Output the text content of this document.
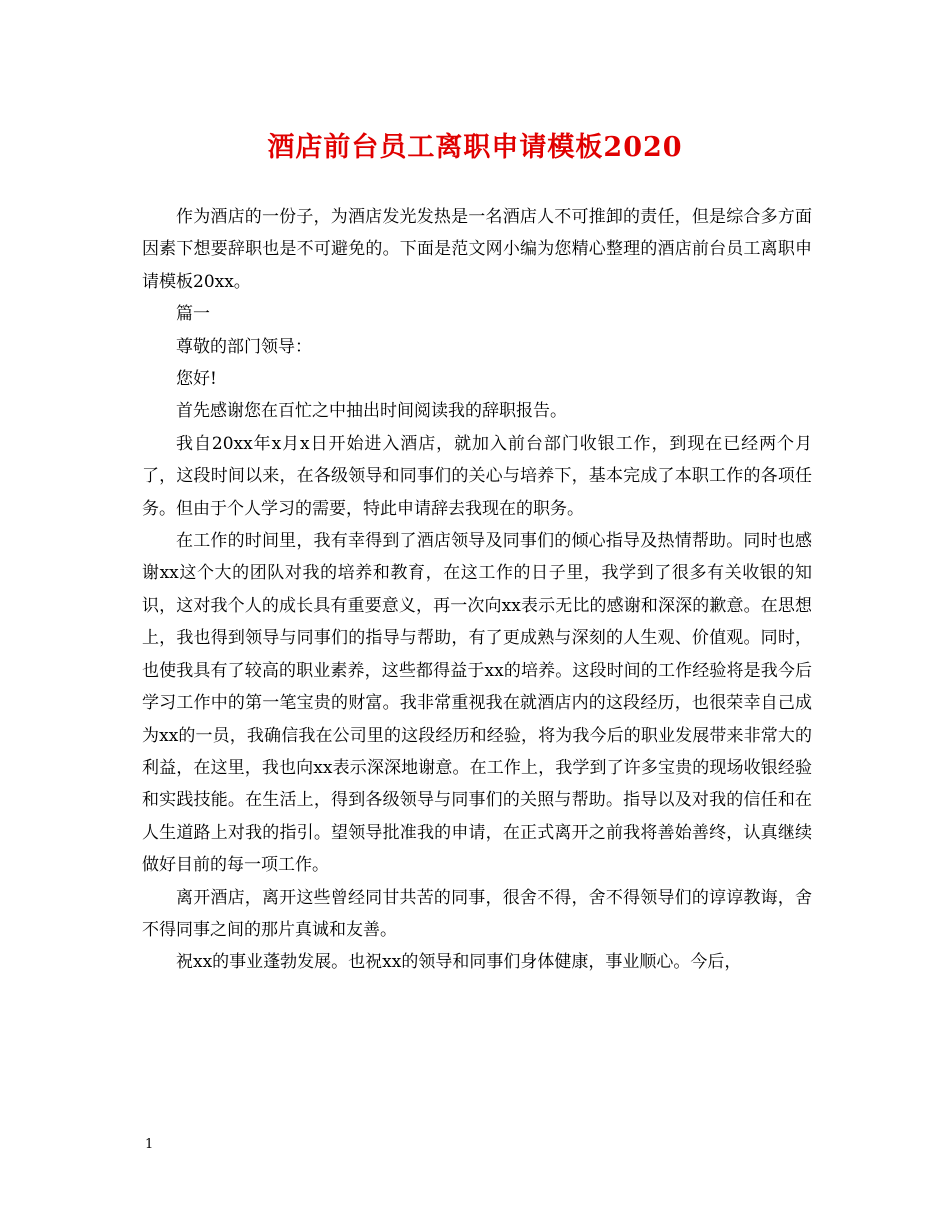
酒店前台员工离职申请模板2020

作为酒店的一份子，为酒店发光发热是一名酒店人不可推卸的责任，但是综合多方面因素下想要辞职也是不可避免的。下面是范文网小编为您精心整理的酒店前台员工离职申请模板20xx。

篇一

尊敬的部门领导：

您好!

首先感谢您在百忙之中抽出时间阅读我的辞职报告。

我自20xx年x月x日开始进入酒店，就加入前台部门收银工作，到现在已经两个月了，这段时间以来，在各级领导和同事们的关心与培养下，基本完成了本职工作的各项任务。但由于个人学习的需要，特此申请辞去我现在的职务。

在工作的时间里，我有幸得到了酒店领导及同事们的倾心指导及热情帮助。同时也感谢xx这个大的团队对我的培养和教育，在这工作的日子里，我学到了很多有关收银的知识，这对我个人的成长具有重要意义，再一次向xx表示无比的感谢和深深的歉意。在思想上，我也得到领导与同事们的指导与帮助，有了更成熟与深刻的人生观、价值观。同时，也使我具有了较高的职业素养，这些都得益于xx的培养。这段时间的工作经验将是我今后学习工作中的第一笔宝贵的财富。我非常重视我在就酒店内的这段经历，也很荣幸自己成为xx的一员，我确信我在公司里的这段经历和经验，将为我今后的职业发展带来非常大的利益，在这里，我也向xx表示深深地谢意。在工作上，我学到了许多宝贵的现场收银经验和实践技能。在生活上，得到各级领导与同事们的关照与帮助。指导以及对我的信任和在人生道路上对我的指引。望领导批准我的申请，在正式离开之前我将善始善终，认真继续做好目前的每一项工作。

离开酒店，离开这些曾经同甘共苦的同事，很舍不得，舍不得领导们的谆谆教诲，舍不得同事之间的那片真诚和友善。

祝xx的事业蓬勃发展。也祝xx的领导和同事们身体健康，事业顺心。今后，

1
